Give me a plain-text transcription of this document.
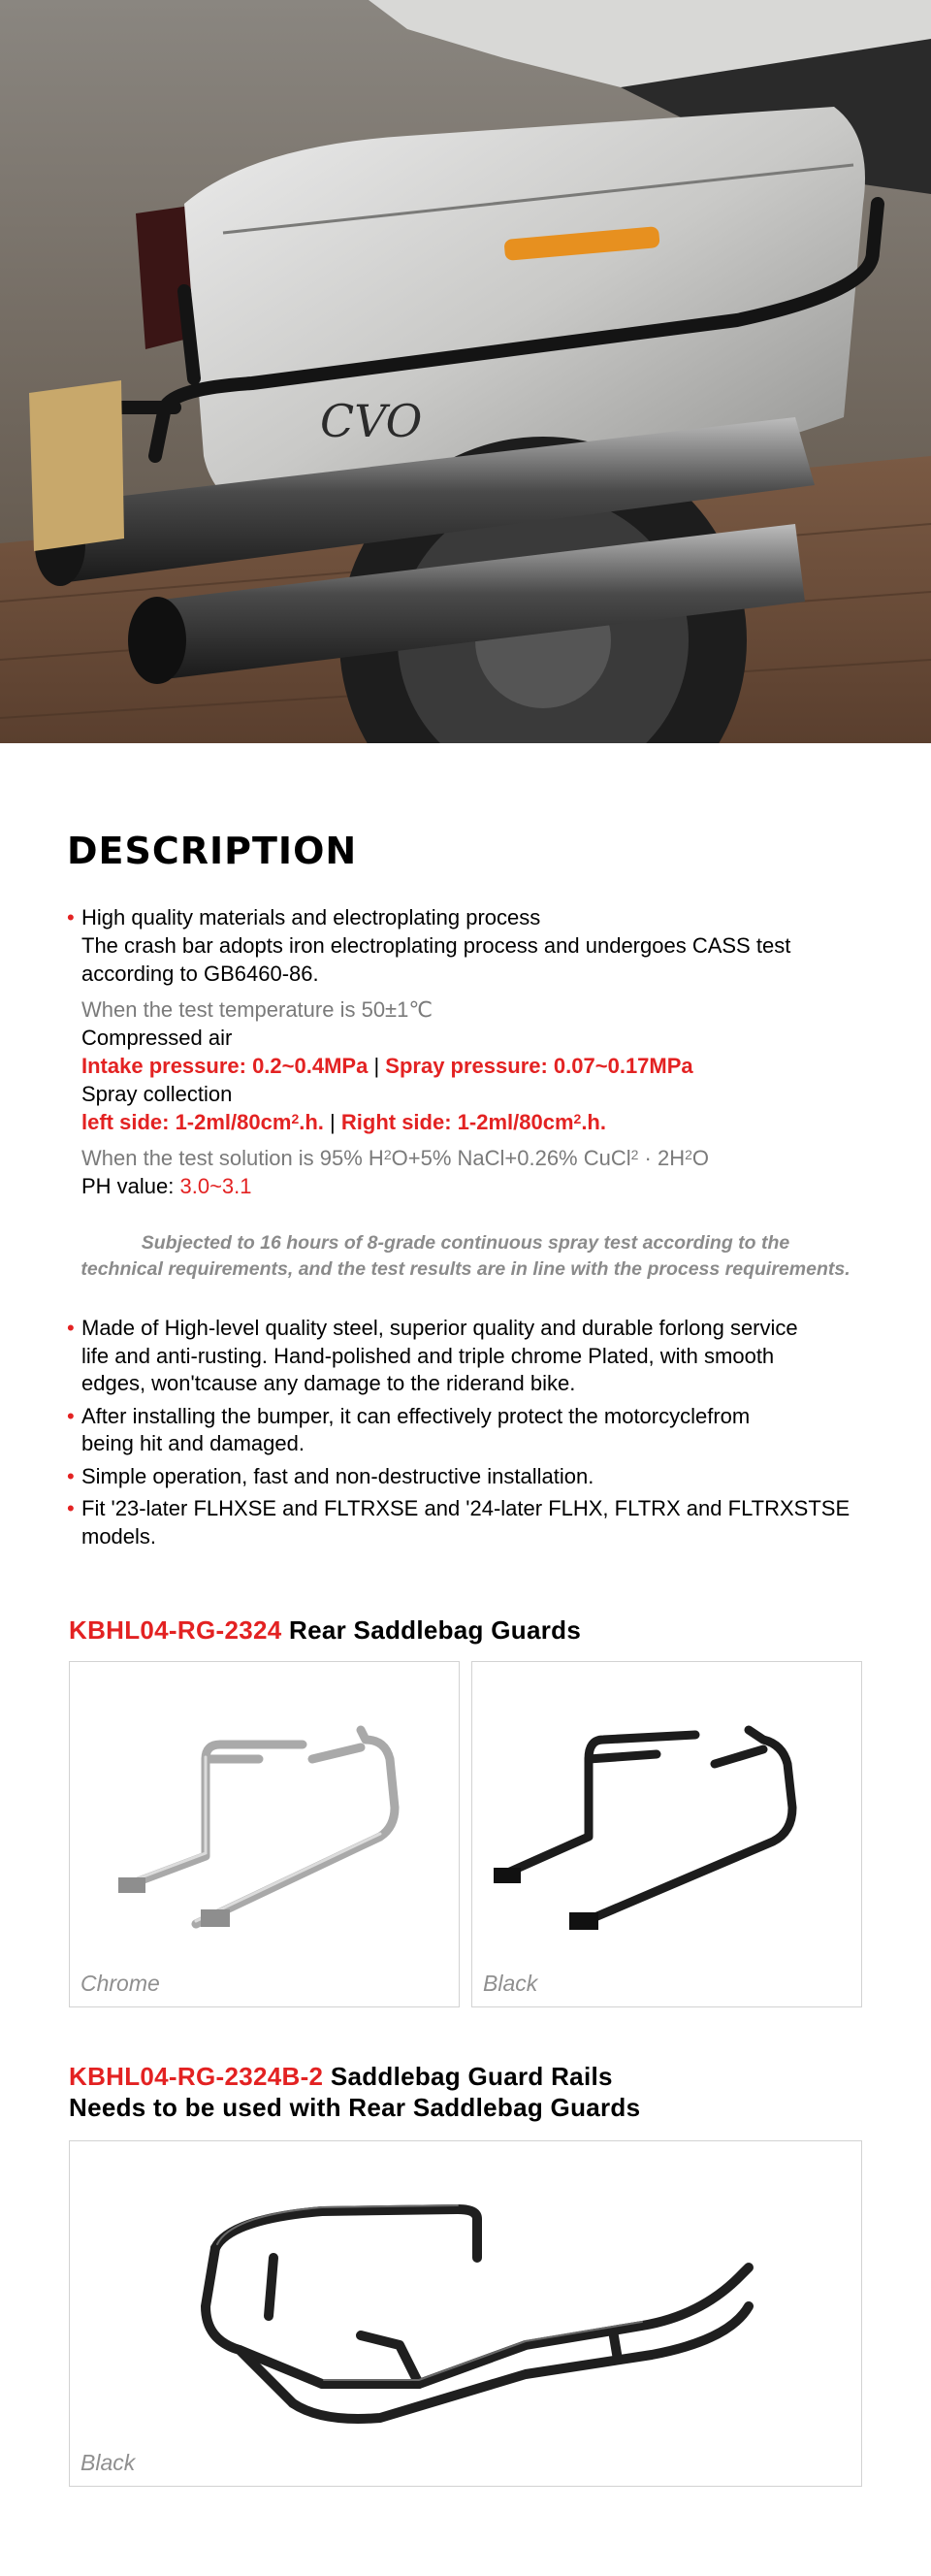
CVO
DESCRIPTION
• High quality materials and electroplating process
The crash bar adopts iron electroplating process and undergoes CASS test
according to GB6460-86.
When the test temperature is 50±1℃
Compressed air
Intake pressure: 0.2~0.4MPa | Spray pressure: 0.07~0.17MPa
Spray collection
left side: $1-2ml/80cm^2.h$. | Right side: $1-2ml/80cm^2.h$.
When the test solution is 95% $H^2O+5\%$ NaCl+0.26% CuCl$^2$ · $2H^2O$
PH value: 3.0~3.1
Subjected to 16 hours of 8-grade continuous spray test according to the
technical requirements, and the test results are in line with the process requirements.
• Made of High-level quality steel, superior quality and durable forlong service
life and anti-rusting. Hand-polished and triple chrome Plated, with smooth
edges, won'tcause any damage to the riderand bike.
• After installing the bumper, it can effectively protect the motorcyclefrom
being hit and damaged.
• Simple operation, fast and non-destructive installation.
• Fit '23-later FLHXSE and FLTRXSE and '24-later FLHX, FLTRX and FLTRXSTSE
models.
KBHL04-RG-2324 Rear Saddlebag Guards
Chrome	Black
KBHL04-RG-2324B-2 Saddlebag Guard Rails
Needs to be used with Rear Saddlebag Guards
Black
